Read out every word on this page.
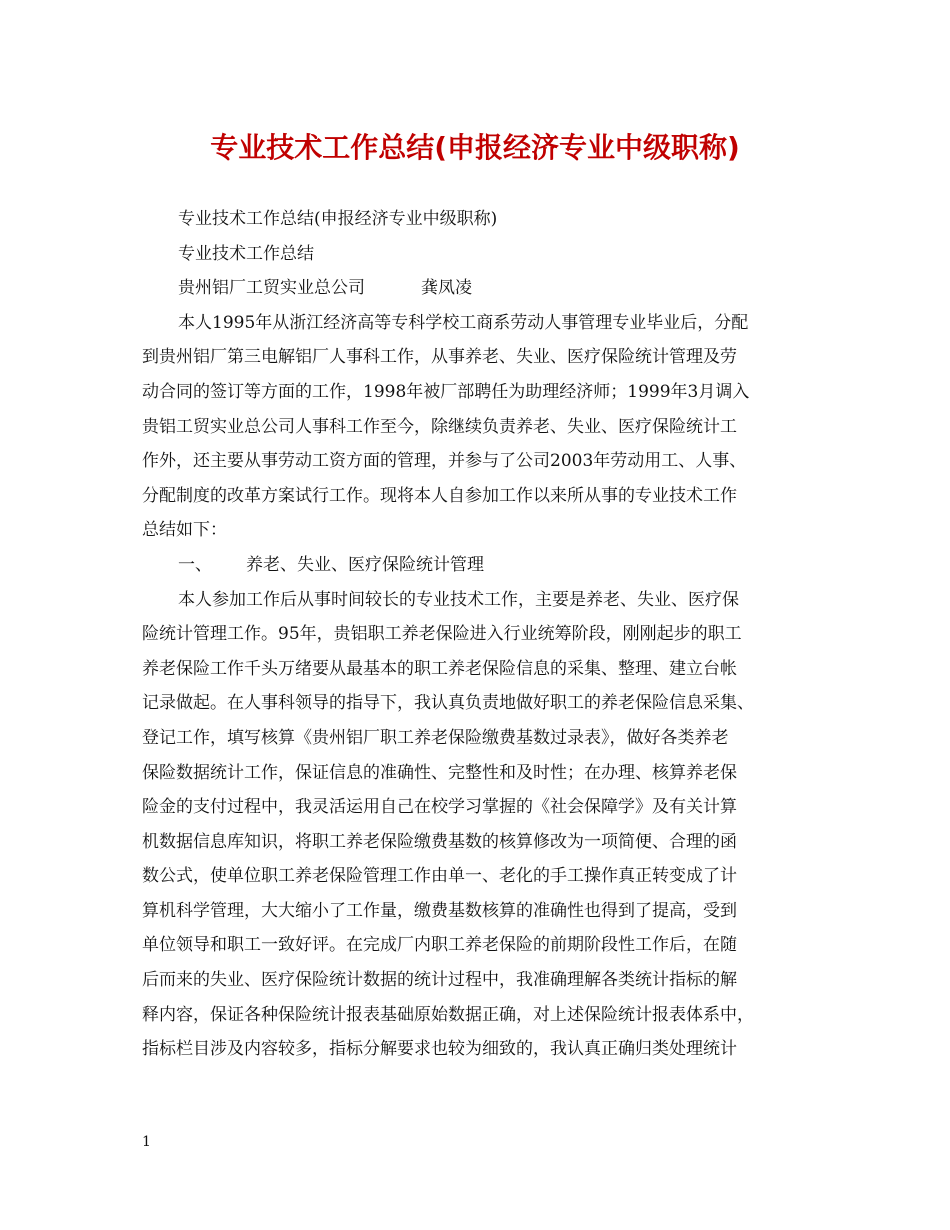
专业技术工作总结(申报经济专业中级职称)
专业技术工作总结(申报经济专业中级职称)
专业技术工作总结
贵州铝厂工贸实业总公司	龚凤凌
本人1995年从浙江经济高等专科学校工商系劳动人事管理专业毕业后，分配
到贵州铝厂第三电解铝厂人事科工作，从事养老、失业、医疗保险统计管理及劳
动合同的签订等方面的工作，1998年被厂部聘任为助理经济师；1999年3月调入
贵铝工贸实业总公司人事科工作至今，除继续负责养老、失业、医疗保险统计工
作外，还主要从事劳动工资方面的管理，并参与了公司2003年劳动用工、人事、
分配制度的改革方案试行工作。现将本人自参加工作以来所从事的专业技术工作
总结如下：
一、 养老、失业、医疗保险统计管理
本人参加工作后从事时间较长的专业技术工作，主要是养老、失业、医疗保
险统计管理工作。95年，贵铝职工养老保险进入行业统筹阶段，刚刚起步的职工
养老保险工作千头万绪要从最基本的职工养老保险信息的采集、整理、建立台帐
记录做起。在人事科领导的指导下，我认真负责地做好职工的养老保险信息采集、
登记工作，填写核算《贵州铝厂职工养老保险缴费基数过录表》，做好各类养老
保险数据统计工作，保证信息的准确性、完整性和及时性；在办理、核算养老保
险金的支付过程中，我灵活运用自己在校学习掌握的《社会保障学》及有关计算
机数据信息库知识，将职工养老保险缴费基数的核算修改为一项简便、合理的函
数公式，使单位职工养老保险管理工作由单一、老化的手工操作真正转变成了计
算机科学管理，大大缩小了工作量，缴费基数核算的准确性也得到了提高，受到
单位领导和职工一致好评。在完成厂内职工养老保险的前期阶段性工作后，在随
后而来的失业、医疗保险统计数据的统计过程中，我准确理解各类统计指标的解
释内容，保证各种保险统计报表基础原始数据正确，对上述保险统计报表体系中，
指标栏目涉及内容较多，指标分解要求也较为细致的，我认真正确归类处理统计
1
